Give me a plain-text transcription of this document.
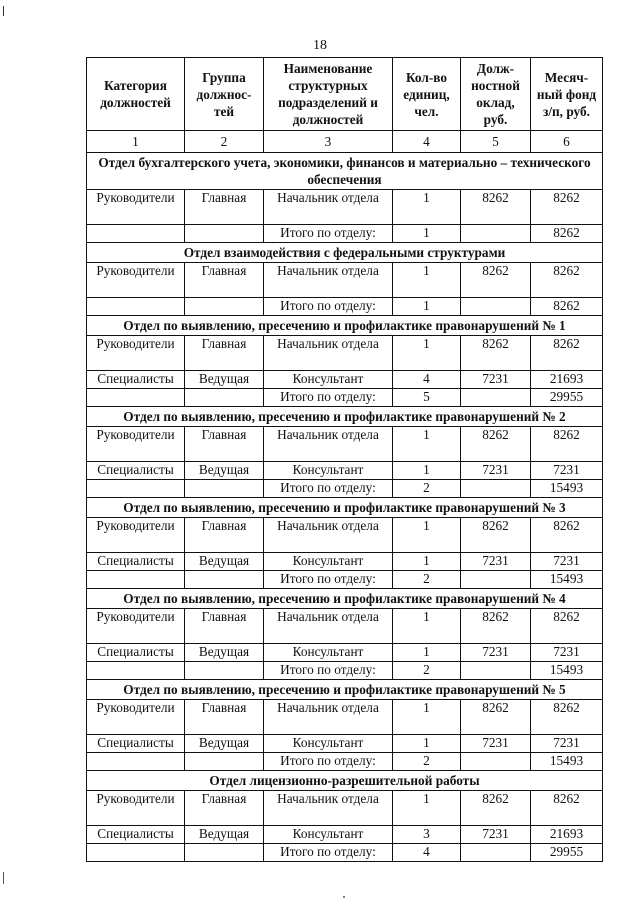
18
Категория должностей	Группа должнос-тей	Наименование структурных подразделений и должностей	Кол-во единиц, чел.	Долж-ностной оклад, руб.	Месяч-ный фонд з/п, руб.
1	2	3	4	5	6
Отдел бухгалтерского учета, экономики, финансов и материально – технического обеспечения					
Руководители	Главная	Начальник отдела	1	8262	8262
		Итого по отделу:	1		8262
Отдел взаимодействия с федеральными структурами					
Руководители	Главная	Начальник отдела	1	8262	8262
		Итого по отделу:	1		8262
Отдел по выявлению, пресечению и профилактике правонарушений № 1					
Руководители	Главная	Начальник отдела	1	8262	8262
Специалисты	Ведущая	Консультант	4	7231	21693
		Итого по отделу:	5		29955
Отдел по выявлению, пресечению и профилактике правонарушений № 2					
Руководители	Главная	Начальник отдела	1	8262	8262
Специалисты	Ведущая	Консультант	1	7231	7231
		Итого по отделу:	2		15493
Отдел по выявлению, пресечению и профилактике правонарушений № 3					
Руководители	Главная	Начальник отдела	1	8262	8262
Специалисты	Ведущая	Консультант	1	7231	7231
		Итого по отделу:	2		15493
Отдел по выявлению, пресечению и профилактике правонарушений № 4					
Руководители	Главная	Начальник отдела	1	8262	8262
Специалисты	Ведущая	Консультант	1	7231	7231
		Итого по отделу:	2		15493
Отдел по выявлению, пресечению и профилактике правонарушений № 5					
Руководители	Главная	Начальник отдела	1	8262	8262
Специалисты	Ведущая	Консультант	1	7231	7231
		Итого по отделу:	2		15493
Отдел лицензионно-разрешительной работы					
Руководители	Главная	Начальник отдела	1	8262	8262
Специалисты	Ведущая	Консультант	3	7231	21693
		Итого по отделу:	4		29955
